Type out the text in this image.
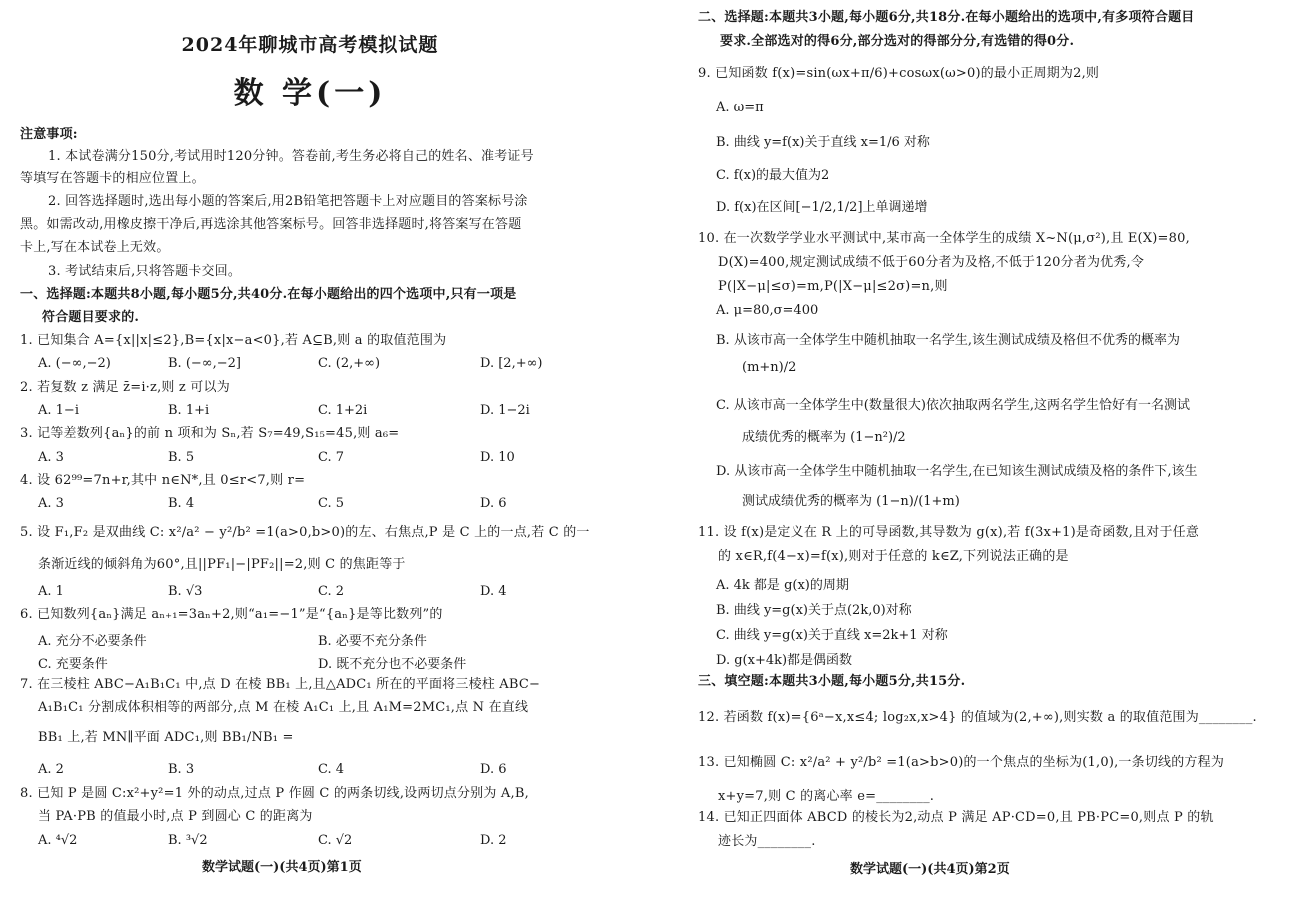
2024年聊城市高考模拟试题
数 学(一)
注意事项:
1. 本试卷满分150分,考试用时120分钟。答卷前,考生务必将自己的姓名、准考证号
等填写在答题卡的相应位置上。
2. 回答选择题时,选出每小题的答案后,用2B铅笔把答题卡上对应题目的答案标号涂
黑。如需改动,用橡皮擦干净后,再选涂其他答案标号。回答非选择题时,将答案写在答题
卡上,写在本试卷上无效。
3. 考试结束后,只将答题卡交回。
一、选择题:本题共8小题,每小题5分,共40分.在每小题给出的四个选项中,只有一项是
符合题目要求的.
1. 已知集合 A={x||x|≤2},B={x|x−a<0},若 A⊆B,则 a 的取值范围为
A. (−∞,−2)	B. (−∞,−2]	C. (2,+∞)	D. [2,+∞)
2. 若复数 z 满足 z̄=i·z,则 z 可以为
A. 1−i	B. 1+i	C. 1+2i	D. 1−2i
3. 记等差数列{aₙ}的前 n 项和为 Sₙ,若 S₇=49,S₁₅=45,则 a₆=
A. 3	B. 5	C. 7	D. 10
4. 设 62⁹⁹=7n+r,其中 n∈N*,且 0≤r<7,则 r=
A. 3	B. 4	C. 5	D. 6
5. 设 F₁,F₂ 是双曲线 C: x²/a² − y²/b² =1(a>0,b>0)的左、右焦点,P 是 C 上的一点,若 C 的一
条渐近线的倾斜角为60°,且||PF₁|−|PF₂||=2,则 C 的焦距等于
A. 1	B. √3	C. 2	D. 4
6. 已知数列{aₙ}满足 aₙ₊₁=3aₙ+2,则“a₁=−1”是“{aₙ}是等比数列”的
A. 充分不必要条件	B. 必要不充分条件
C. 充要条件	D. 既不充分也不必要条件
7. 在三棱柱 ABC−A₁B₁C₁ 中,点 D 在棱 BB₁ 上,且△ADC₁ 所在的平面将三棱柱 ABC−
A₁B₁C₁ 分割成体积相等的两部分,点 M 在棱 A₁C₁ 上,且 A₁M=2MC₁,点 N 在直线
BB₁ 上,若 MN∥平面 ADC₁,则 BB₁/NB₁ =
A. 2	B. 3	C. 4	D. 6
8. 已知 P 是圆 C:x²+y²=1 外的动点,过点 P 作圆 C 的两条切线,设两切点分别为 A,B,
当 PA·PB 的值最小时,点 P 到圆心 C 的距离为
A. ⁴√2	B. ³√2	C. √2	D. 2
数学试题(一)(共4页)第1页
二、选择题:本题共3小题,每小题6分,共18分.在每小题给出的选项中,有多项符合题目
要求.全部选对的得6分,部分选对的得部分分,有选错的得0分.
9. 已知函数 f(x)=sin(ωx+π/6)+cosωx(ω>0)的最小正周期为2,则
A. ω=π
B. 曲线 y=f(x)关于直线 x=1/6 对称
C. f(x)的最大值为2
D. f(x)在区间[−1/2,1/2]上单调递增
10. 在一次数学学业水平测试中,某市高一全体学生的成绩 X~N(μ,σ²),且 E(X)=80,
D(X)=400,规定测试成绩不低于60分者为及格,不低于120分者为优秀,令
P(|X−μ|≤σ)=m,P(|X−μ|≤2σ)=n,则
A. μ=80,σ=400
B. 从该市高一全体学生中随机抽取一名学生,该生测试成绩及格但不优秀的概率为
(m+n)/2
C. 从该市高一全体学生中(数量很大)依次抽取两名学生,这两名学生恰好有一名测试
成绩优秀的概率为 (1−n²)/2
D. 从该市高一全体学生中随机抽取一名学生,在已知该生测试成绩及格的条件下,该生
测试成绩优秀的概率为 (1−n)/(1+m)
11. 设 f(x)是定义在 R 上的可导函数,其导数为 g(x),若 f(3x+1)是奇函数,且对于任意
的 x∈R,f(4−x)=f(x),则对于任意的 k∈Z,下列说法正确的是
A. 4k 都是 g(x)的周期
B. 曲线 y=g(x)关于点(2k,0)对称
C. 曲线 y=g(x)关于直线 x=2k+1 对称
D. g(x+4k)都是偶函数
三、填空题:本题共3小题,每小题5分,共15分.
12. 若函数 f(x)={6ᵃ−x,x≤4; log₂x,x>4} 的值域为(2,+∞),则实数 a 的取值范围为________.
13. 已知椭圆 C: x²/a² + y²/b² =1(a>b>0)的一个焦点的坐标为(1,0),一条切线的方程为
x+y=7,则 C 的离心率 e=________.
14. 已知正四面体 ABCD 的棱长为2,动点 P 满足 AP·CD=0,且 PB·PC=0,则点 P 的轨
迹长为________.
数学试题(一)(共4页)第2页
